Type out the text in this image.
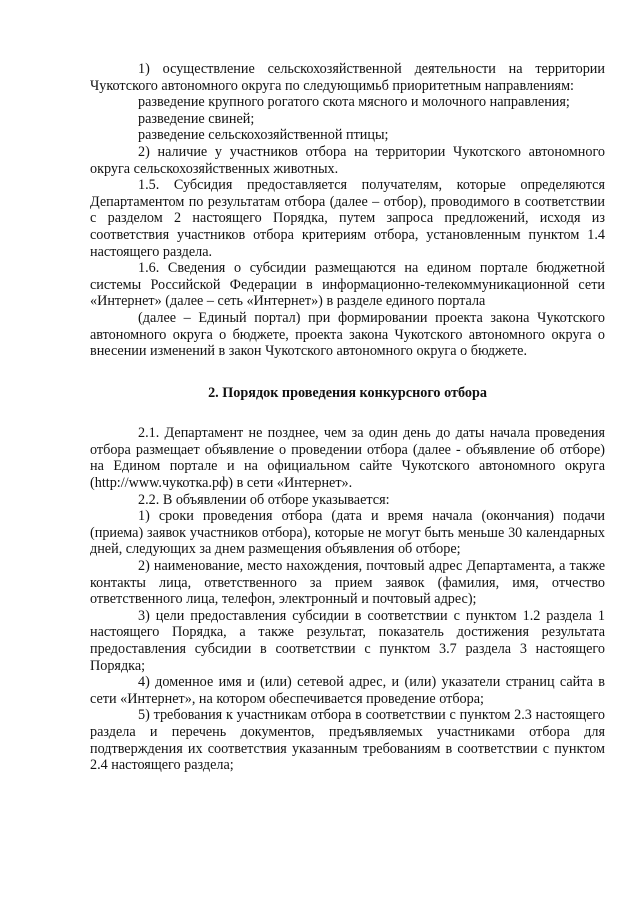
1) осуществление сельскохозяйственной деятельности на территории Чукотского автономного округа по следующимьб приоритетным направлениям:

разведение крупного рогатого скота мясного и молочного направления;

разведение свиней;

разведение сельскохозяйственной птицы;

2) наличие у участников отбора на территории Чукотского автономного округа сельскохозяйственных животных.

1.5. Субсидия предоставляется получателям, которые определяются Департаментом по результатам отбора (далее – отбор), проводимого в соответствии с разделом 2 настоящего Порядка, путем запроса предложений, исходя из соответствия участников отбора критериям отбора, установленным пунктом 1.4 настоящего раздела.

1.6. Сведения о субсидии размещаются на едином портале бюджетной системы Российской Федерации в информационно-телекоммуникационной сети «Интернет» (далее – сеть «Интернет») в разделе единого портала

(далее – Единый портал) при формировании проекта закона Чукотского автономного округа о бюджете, проекта закона Чукотского автономного округа о внесении изменений в закон Чукотского автономного округа о бюджете.

2. Порядок проведения конкурсного отбора

2.1. Департамент не позднее, чем за один день до даты начала проведения отбора размещает объявление о проведении отбора (далее - объявление об отборе) на Едином портале и на официальном сайте Чукотского автономного округа (http://www.чукотка.рф) в сети «Интернет».

2.2. В объявлении об отборе указывается:

1) сроки проведения отбора (дата и время начала (окончания) подачи (приема) заявок участников отбора), которые не могут быть меньше 30 календарных дней, следующих за днем размещения объявления об отборе;

2) наименование, место нахождения, почтовый адрес Департамента, а также контакты лица, ответственного за прием заявок (фамилия, имя, отчество ответственного лица, телефон, электронный и почтовый адрес);

3) цели предоставления субсидии в соответствии с пунктом 1.2 раздела 1 настоящего Порядка, а также результат, показатель достижения результата предоставления субсидии в соответствии с пунктом 3.7 раздела 3 настоящего Порядка;

4) доменное имя и (или) сетевой адрес, и (или) указатели страниц сайта в сети «Интернет», на котором обеспечивается проведение отбора;

5) требования к участникам отбора в соответствии с пунктом 2.3 настоящего раздела и перечень документов, предъявляемых участниками отбора для подтверждения их соответствия указанным требованиям в соответствии с пунктом 2.4 настоящего раздела;
